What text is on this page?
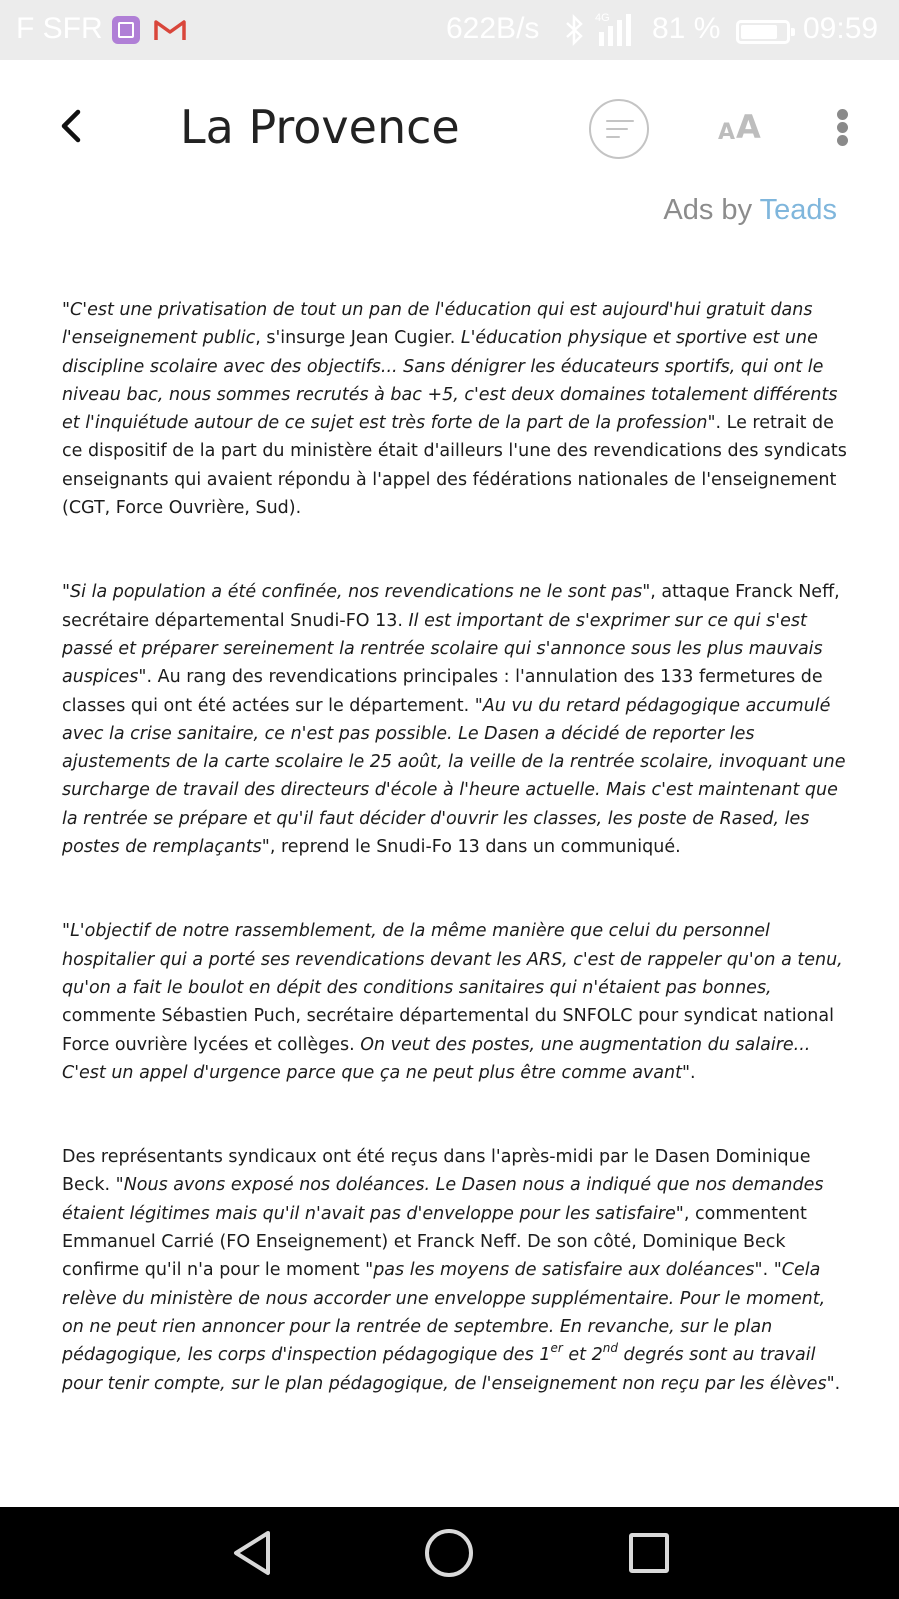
F SFR	622B/s	4G 81 %	09:59
La Provence	A A
Ads by Teads

"C'est une privatisation de tout un pan de l'éducation qui est aujourd'hui gratuit dans l'enseignement public, s'insurge Jean Cugier. L'éducation physique et sportive est une discipline scolaire avec des objectifs... Sans dénigrer les éducateurs sportifs, qui ont le niveau bac, nous sommes recrutés à bac +5, c'est deux domaines totalement différents et l'inquiétude autour de ce sujet est très forte de la part de la profession". Le retrait de ce dispositif de la part du ministère était d'ailleurs l'une des revendications des syndicats enseignants qui avaient répondu à l'appel des fédérations nationales de l'enseignement (CGT, Force Ouvrière, Sud).

"Si la population a été confinée, nos revendications ne le sont pas", attaque Franck Neff, secrétaire départemental Snudi-FO 13. Il est important de s'exprimer sur ce qui s'est passé et préparer sereinement la rentrée scolaire qui s'annonce sous les plus mauvais auspices". Au rang des revendications principales : l'annulation des 133 fermetures de classes qui ont été actées sur le département. "Au vu du retard pédagogique accumulé avec la crise sanitaire, ce n'est pas possible. Le Dasen a décidé de reporter les ajustements de la carte scolaire le 25 août, la veille de la rentrée scolaire, invoquant une surcharge de travail des directeurs d'école à l'heure actuelle. Mais c'est maintenant que la rentrée se prépare et qu'il faut décider d'ouvrir les classes, les poste de Rased, les postes de remplaçants", reprend le Snudi-Fo 13 dans un communiqué.

"L'objectif de notre rassemblement, de la même manière que celui du personnel hospitalier qui a porté ses revendications devant les ARS, c'est de rappeler qu'on a tenu, qu'on a fait le boulot en dépit des conditions sanitaires qui n'étaient pas bonnes, commente Sébastien Puch, secrétaire départemental du SNFOLC pour syndicat national Force ouvrière lycées et collèges. On veut des postes, une augmentation du salaire... C'est un appel d'urgence parce que ça ne peut plus être comme avant".

Des représentants syndicaux ont été reçus dans l'après-midi par le Dasen Dominique Beck. "Nous avons exposé nos doléances. Le Dasen nous a indiqué que nos demandes étaient légitimes mais qu'il n'avait pas d'enveloppe pour les satisfaire", commentent Emmanuel Carrié (FO Enseignement) et Franck Neff. De son côté, Dominique Beck confirme qu'il n'a pour le moment "pas les moyens de satisfaire aux doléances". "Cela relève du ministère de nous accorder une enveloppe supplémentaire. Pour le moment, on ne peut rien annoncer pour la rentrée de septembre. En revanche, sur le plan pédagogique, les corps d'inspection pédagogique des 1er et 2nd degrés sont au travail pour tenir compte, sur le plan pédagogique, de l'enseignement non reçu par les élèves".
